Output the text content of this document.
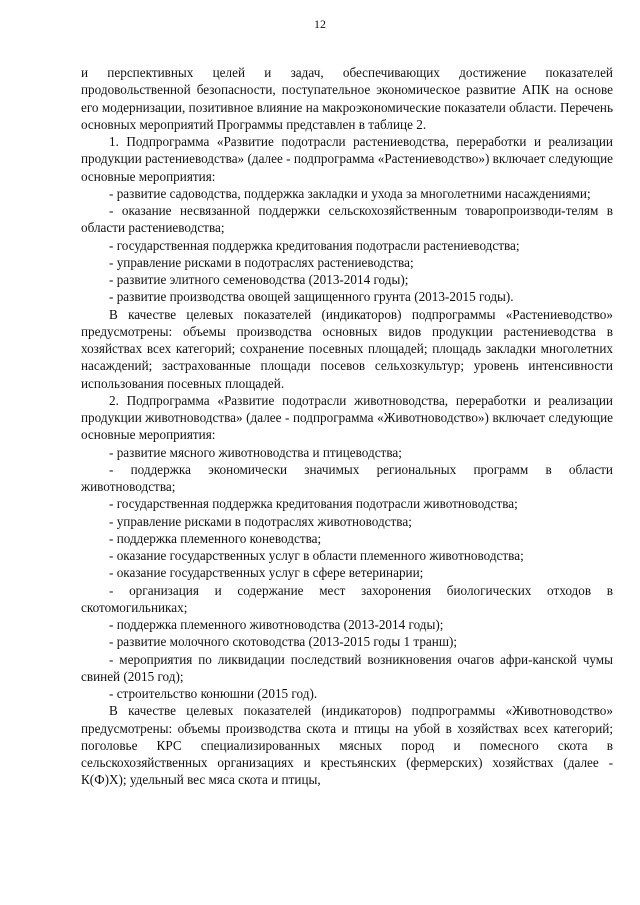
12

и перспективных целей и задач, обеспечивающих достижение показателей продовольственной безопасности, поступательное экономическое развитие АПК на основе его модернизации, позитивное влияние на макроэкономические показатели области. Перечень основных мероприятий Программы представлен в таблице 2.

1. Подпрограмма «Развитие подотрасли растениеводства, переработки и реализации продукции растениеводства» (далее - подпрограмма «Растениеводство») включает следующие основные мероприятия:

- развитие садоводства, поддержка закладки и ухода за многолетними насаждениями;

- оказание несвязанной поддержки сельскохозяйственным товаропроизводи-телям в области растениеводства;

- государственная поддержка кредитования подотрасли растениеводства;

- управление рисками в подотраслях растениеводства;

- развитие элитного семеноводства (2013-2014 годы);

- развитие производства овощей защищенного грунта (2013-2015 годы).

В качестве целевых показателей (индикаторов) подпрограммы «Растениеводство» предусмотрены: объемы производства основных видов продукции растениеводства в хозяйствах всех категорий; сохранение посевных площадей; площадь закладки многолетних насаждений; застрахованные площади посевов сельхозкультур; уровень интенсивности использования посевных площадей.

2. Подпрограмма «Развитие подотрасли животноводства, переработки и реализации продукции животноводства» (далее - подпрограмма «Животноводство») включает следующие основные мероприятия:

- развитие мясного животноводства и птицеводства;

- поддержка экономически значимых региональных программ в области животноводства;

- государственная поддержка кредитования подотрасли животноводства;

- управление рисками в подотраслях животноводства;

- поддержка племенного коневодства;

- оказание государственных услуг в области племенного животноводства;

- оказание государственных услуг в сфере ветеринарии;

- организация и содержание мест захоронения биологических отходов в скотомогильниках;

- поддержка племенного животноводства (2013-2014 годы);

- развитие молочного скотоводства (2013-2015 годы 1 транш);

- мероприятия по ликвидации последствий возникновения очагов афри-канской чумы свиней (2015 год);

- строительство конюшни (2015 год).

В качестве целевых показателей (индикаторов) подпрограммы «Животноводство» предусмотрены: объемы производства скота и птицы на убой в хозяйствах всех категорий; поголовье КРС специализированных мясных пород и помесного скота в сельскохозяйственных организациях и крестьянских (фермерских) хозяйствах (далее - К(Ф)Х); удельный вес мяса скота и птицы,
